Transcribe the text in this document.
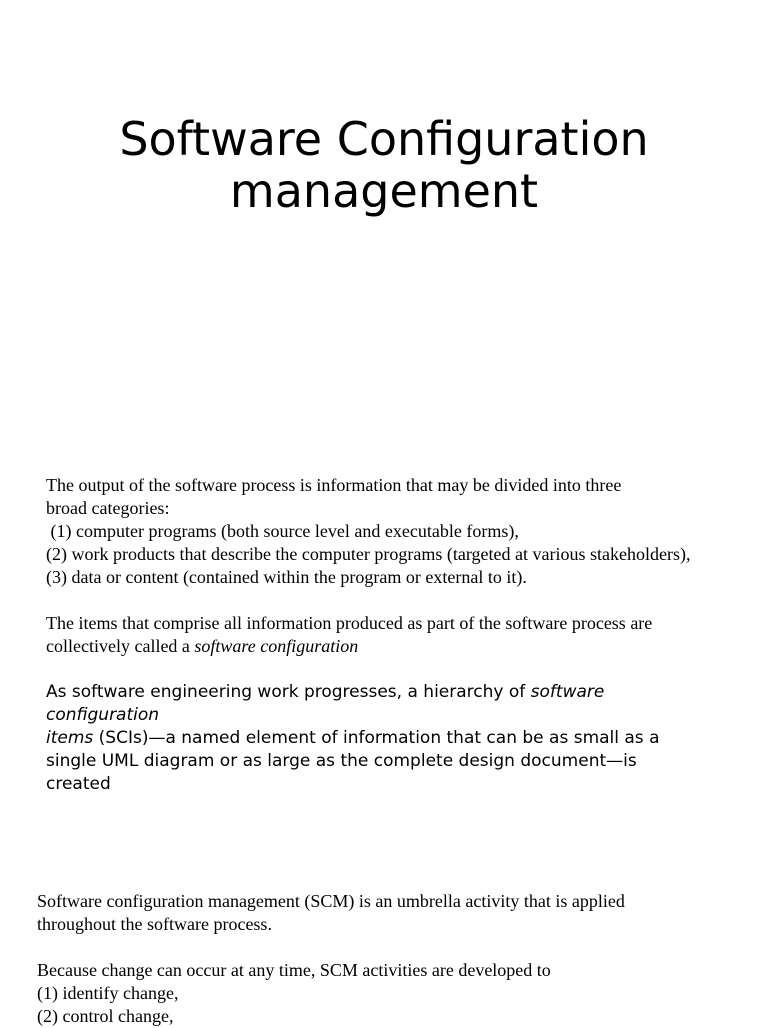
Software Configuration
management

The output of the software process is information that may be divided into three

broad categories:

(1) computer programs (both source level and executable forms),

(2) work products that describe the computer programs (targeted at various stakeholders),

(3) data or content (contained within the program or external to it).

The items that comprise all information produced as part of the software process are

collectively called a software configuration

As software engineering work progresses, a hierarchy of software

configuration

items (SCIs)—a named element of information that can be as small as a

single UML diagram or as large as the complete design document—is

created

Software configuration management (SCM) is an umbrella activity that is applied

throughout the software process.

Because change can occur at any time, SCM activities are developed to

(1) identify change,

(2) control change,
